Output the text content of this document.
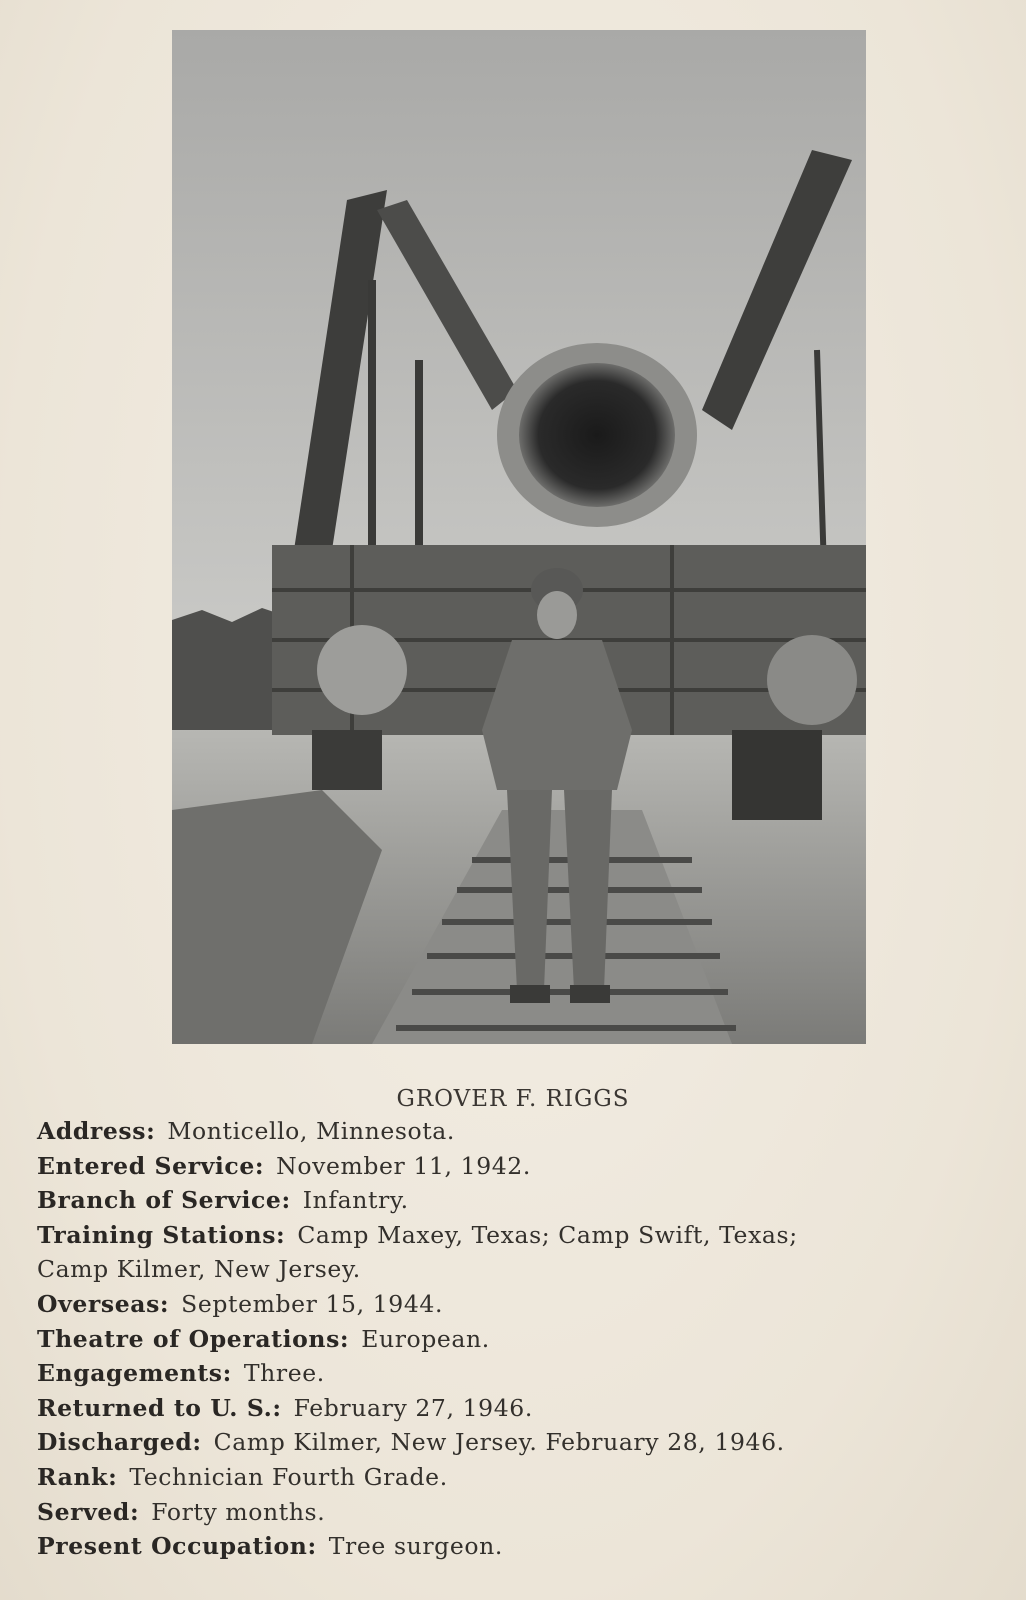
GROVER F. RIGGS
Address: Monticello, Minnesota.
Entered Service: November 11, 1942.
Branch of Service: Infantry.
Training Stations: Camp Maxey, Texas; Camp Swift, Texas;
Camp Kilmer, New Jersey.
Overseas: September 15, 1944.
Theatre of Operations: European.
Engagements: Three.
Returned to U. S.: February 27, 1946.
Discharged: Camp Kilmer, New Jersey. February 28, 1946.
Rank: Technician Fourth Grade.
Served: Forty months.
Present Occupation: Tree surgeon.
